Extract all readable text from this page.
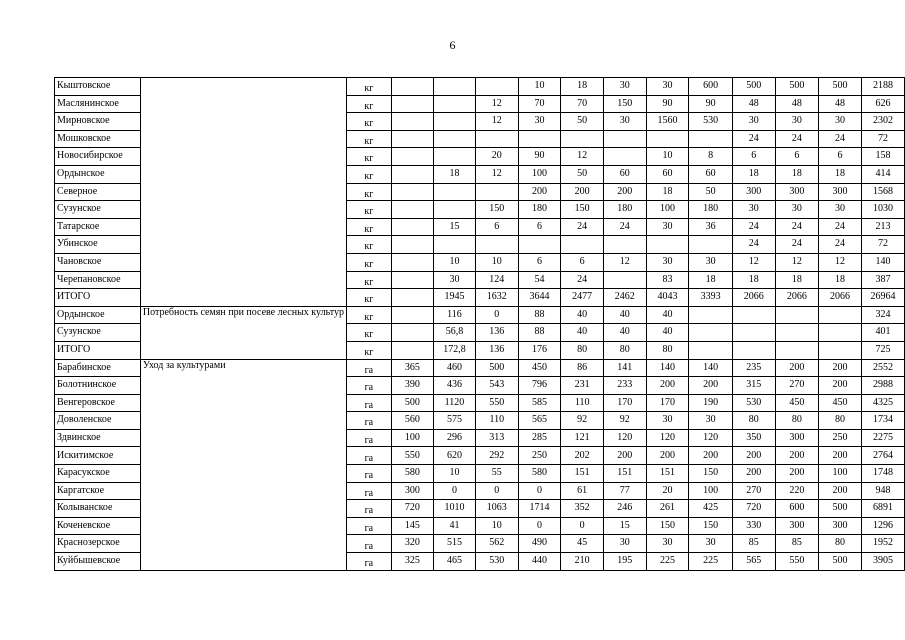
6
Кыштовское		кг				10	18	30	30	600	500	500	500	2188
Маслянинское		кг			12	70	70	150	90	90	48	48	48	626
Мирновское		кг			12	30	50	30	1560	530	30	30	30	2302
Мошковское		кг									24	24	24	72
Новосибирское		кг			20	90	12		10	8	6	6	6	158
Ордынское		кг		18	12	100	50	60	60	60	18	18	18	414
Северное		кг				200	200	200	18	50	300	300	300	1568
Сузунское		кг			150	180	150	180	100	180	30	30	30	1030
Татарское		кг		15	6	6	24	24	30	36	24	24	24	213
Убинское		кг									24	24	24	72
Чановское		кг		10	10	6	6	12	30	30	12	12	12	140
Черепановское		кг		30	124	54	24		83	18	18	18	18	387
ИТОГО		кг		1945	1632	3644	2477	2462	4043	3393	2066	2066	2066	26964
Ордынское	Потребность семян при посеве лесных культур	кг		116	0	88	40	40	40					324
Сузунское		кг		56,8	136	88	40	40	40					401
ИТОГО		кг		172,8	136	176	80	80	80					725
Барабинское	Уход за культурами	га	365	460	500	450	86	141	140	140	235	200	200	2552
Болотнинское		га	390	436	543	796	231	233	200	200	315	270	200	2988
Венгеровское		га	500	1120	550	585	110	170	170	190	530	450	450	4325
Доволенское		га	560	575	110	565	92	92	30	30	80	80	80	1734
Здвинское		га	100	296	313	285	121	120	120	120	350	300	250	2275
Искитимское		га	550	620	292	250	202	200	200	200	200	200	200	2764
Карасукское		га	580	10	55	580	151	151	151	150	200	200	100	1748
Каргатское		га	300	0	0	0	61	77	20	100	270	220	200	948
Колыванское		га	720	1010	1063	1714	352	246	261	425	720	600	500	6891
Коченевское		га	145	41	10	0	0	15	150	150	330	300	300	1296
Краснозерское		га	320	515	562	490	45	30	30	30	85	85	80	1952
Куйбышевское		га	325	465	530	440	210	195	225	225	565	550	500	3905
